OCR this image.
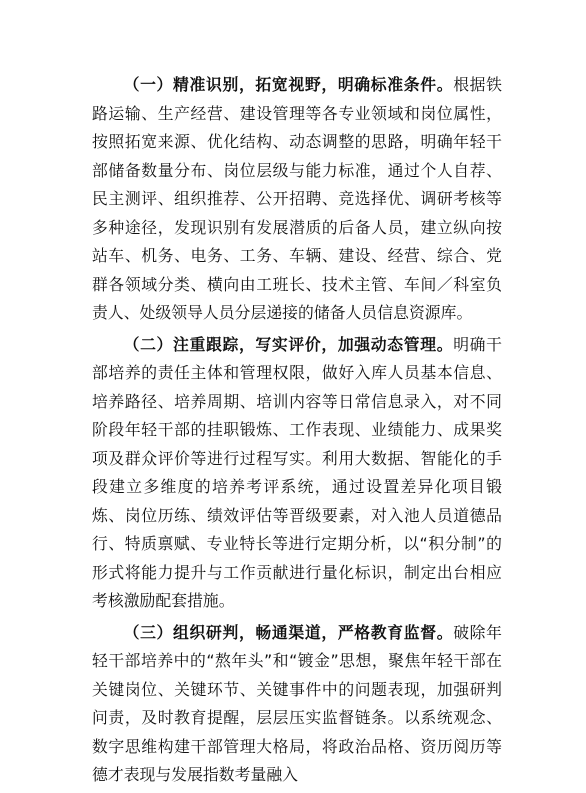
（一）精准识别，拓宽视野，明确标准条件。根据铁路运输、生产经营、建设管理等各专业领域和岗位属性，按照拓宽来源、优化结构、动态调整的思路，明确年轻干部储备数量分布、岗位层级与能力标准，通过个人自荐、民主测评、组织推荐、公开招聘、竞选择优、调研考核等多种途径，发现识别有发展潜质的后备人员，建立纵向按站车、机务、电务、工务、车辆、建设、经营、综合、党群各领域分类、横向由工班长、技术主管、车间／科室负责人、处级领导人员分层递接的储备人员信息资源库。

（二）注重跟踪，写实评价，加强动态管理。明确干部培养的责任主体和管理权限，做好入库人员基本信息、培养路径、培养周期、培训内容等日常信息录入，对不同阶段年轻干部的挂职锻炼、工作表现、业绩能力、成果奖项及群众评价等进行过程写实。利用大数据、智能化的手段建立多维度的培养考评系统，通过设置差异化项目锻炼、岗位历练、绩效评估等晋级要素，对入池人员道德品行、特质禀赋、专业特长等进行定期分析，以“积分制”的形式将能力提升与工作贡献进行量化标识，制定出台相应考核激励配套措施。

（三）组织研判，畅通渠道，严格教育监督。破除年轻干部培养中的“熬年头”和“镀金”思想，聚焦年轻干部在关键岗位、关键环节、关键事件中的问题表现，加强研判问责，及时教育提醒，层层压实监督链条。以系统观念、数字思维构建干部管理大格局，将政治品格、资历阅历等德才表现与发展指数考量融入
